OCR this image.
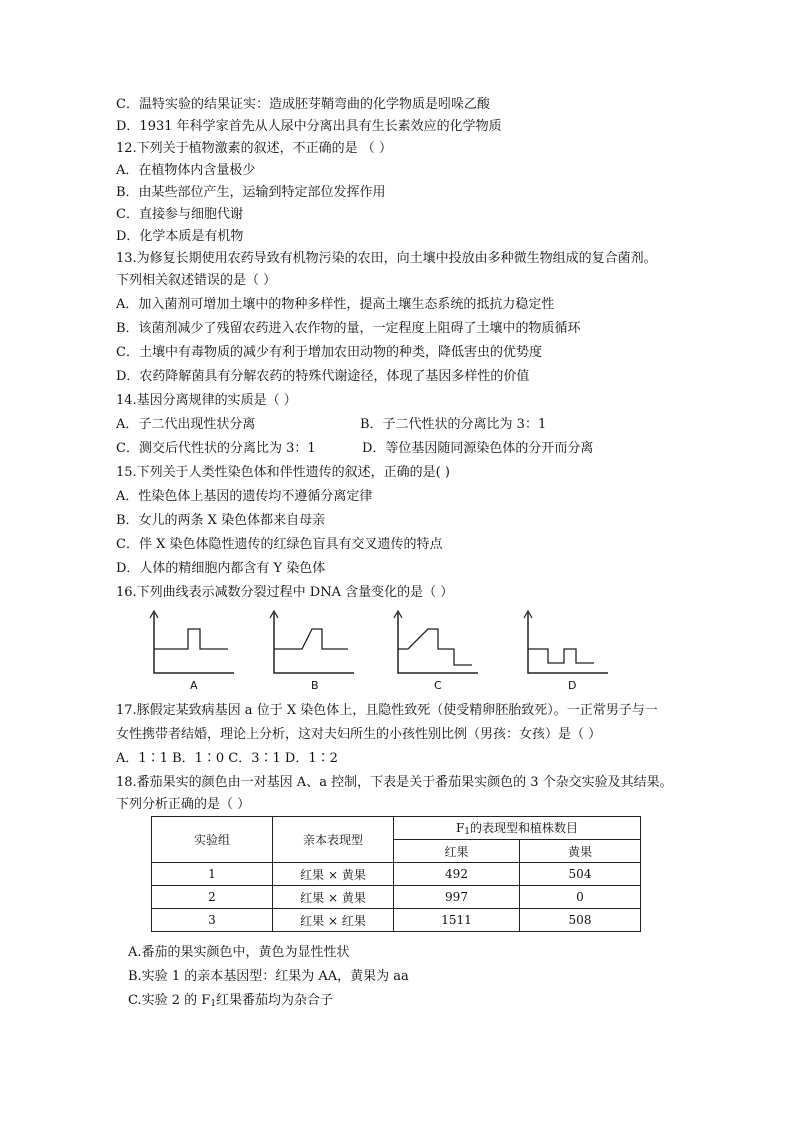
C．温特实验的结果证实：造成胚芽鞘弯曲的化学物质是吲哚乙酸
D．1931 年科学家首先从人尿中分离出具有生长素效应的化学物质
12.下列关于植物激素的叙述，不正确的是 （ ）
A．在植物体内含量极少
B．由某些部位产生，运输到特定部位发挥作用
C．直接参与细胞代谢
D．化学本质是有机物
13.为修复长期使用农药导致有机物污染的农田，向土壤中投放由多种微生物组成的复合菌剂。
下列相关叙述错误的是（ ）
A．加入菌剂可增加土壤中的物种多样性，提高土壤生态系统的抵抗力稳定性
B．该菌剂减少了残留农药进入农作物的量，一定程度上阻碍了土壤中的物质循环
C．土壤中有毒物质的减少有利于增加农田动物的种类，降低害虫的优势度
D．农药降解菌具有分解农药的特殊代谢途径，体现了基因多样性的价值
14.基因分离规律的实质是（ ）
A．子二代出现性状分离	B．子二代性状的分离比为 3：1
C．测交后代性状的分离比为 3：1	D．等位基因随同源染色体的分开而分离
15.下列关于人类性染色体和伴性遗传的叙述，正确的是( )
A．性染色体上基因的遗传均不遵循分离定律
B．女儿的两条 X 染色体都来自母亲
C．伴 X 染色体隐性遗传的红绿色盲具有交叉遗传的特点
D．人体的精细胞内都含有 Y 染色体
16.下列曲线表示减数分裂过程中 DNA 含量变化的是（ ）
A	B	C	D
17.豚假定某致病基因 a 位于 X 染色体上，且隐性致死（使受精卵胚胎致死）。一正常男子与一
女性携带者结婚，理论上分析，这对夫妇所生的小孩性别比例（男孩：女孩）是（ ）
A．1∶1 B．1∶0 C．3∶1 D．1∶2
18.番茄果实的颜色由一对基因 A、a 控制，下表是关于番茄果实颜色的 3 个杂交实验及其结果。
下列分析正确的是（ ）
实验组	亲本表现型	$F_1$的表现型和植株数目	
		红果	黄果
1	红果 × 黄果	492	504
2	红果 × 黄果	997	0
3	红果 × 红果	1511	508
A.番茄的果实颜色中，黄色为显性性状
B.实验 1 的亲本基因型：红果为 AA，黄果为 aa
C.实验 2 的 $F_1$红果番茄均为杂合子
